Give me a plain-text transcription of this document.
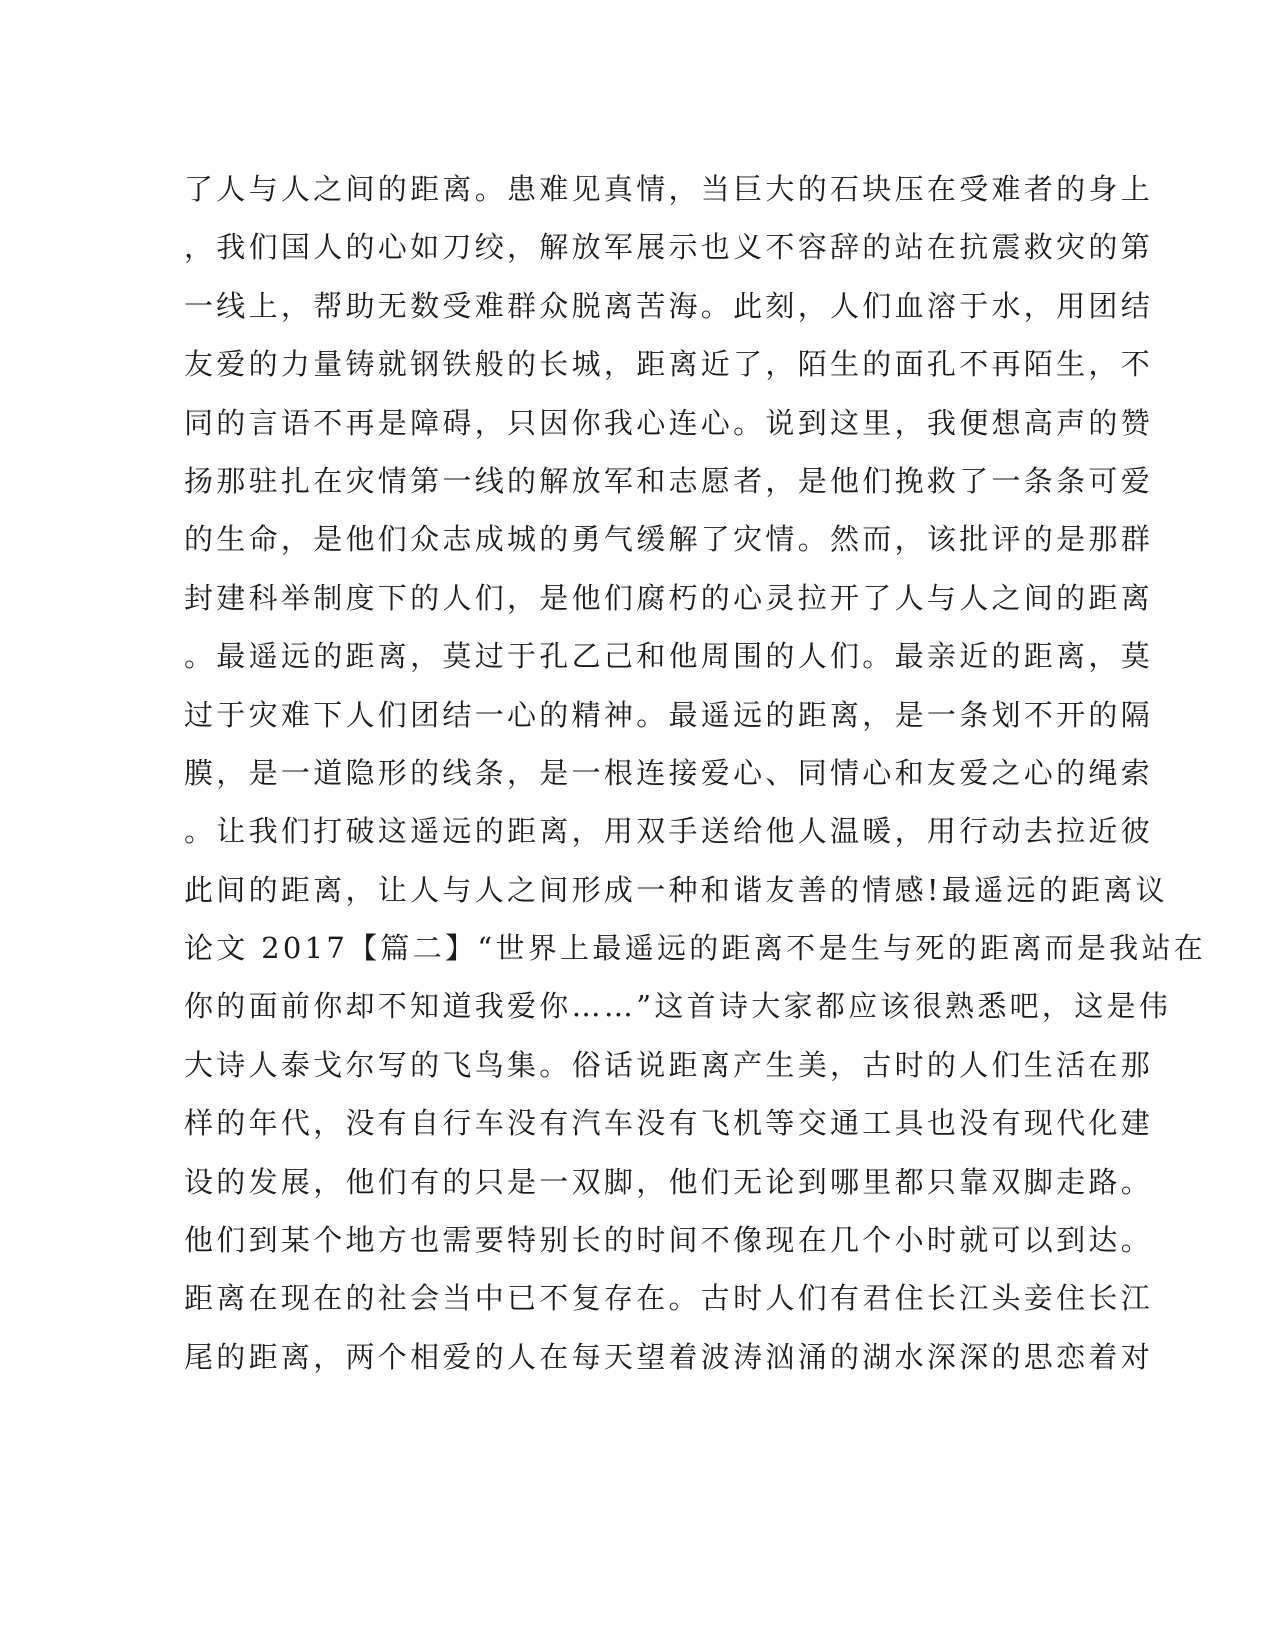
了人与人之间的距离。患难见真情，当巨大的石块压在受难者的身上
，我们国人的心如刀绞，解放军展示也义不容辞的站在抗震救灾的第
一线上，帮助无数受难群众脱离苦海。此刻，人们血溶于水，用团结
友爱的力量铸就钢铁般的长城，距离近了，陌生的面孔不再陌生，不
同的言语不再是障碍，只因你我心连心。说到这里，我便想高声的赞
扬那驻扎在灾情第一线的解放军和志愿者，是他们挽救了一条条可爱
的生命，是他们众志成城的勇气缓解了灾情。然而，该批评的是那群
封建科举制度下的人们，是他们腐朽的心灵拉开了人与人之间的距离
。最遥远的距离，莫过于孔乙己和他周围的人们。最亲近的距离，莫
过于灾难下人们团结一心的精神。最遥远的距离，是一条划不开的隔
膜，是一道隐形的线条，是一根连接爱心、同情心和友爱之心的绳索
。让我们打破这遥远的距离，用双手送给他人温暖，用行动去拉近彼
此间的距离，让人与人之间形成一种和谐友善的情感!最遥远的距离议
论文 2017【篇二】“世界上最遥远的距离不是生与死的距离而是我站在
你的面前你却不知道我爱你……”这首诗大家都应该很熟悉吧，这是伟
大诗人泰戈尔写的飞鸟集。俗话说距离产生美，古时的人们生活在那
样的年代，没有自行车没有汽车没有飞机等交通工具也没有现代化建
设的发展，他们有的只是一双脚，他们无论到哪里都只靠双脚走路。
他们到某个地方也需要特别长的时间不像现在几个小时就可以到达。
距离在现在的社会当中已不复存在。古时人们有君住长江头妾住长江
尾的距离，两个相爱的人在每天望着波涛汹涌的湖水深深的思恋着对
